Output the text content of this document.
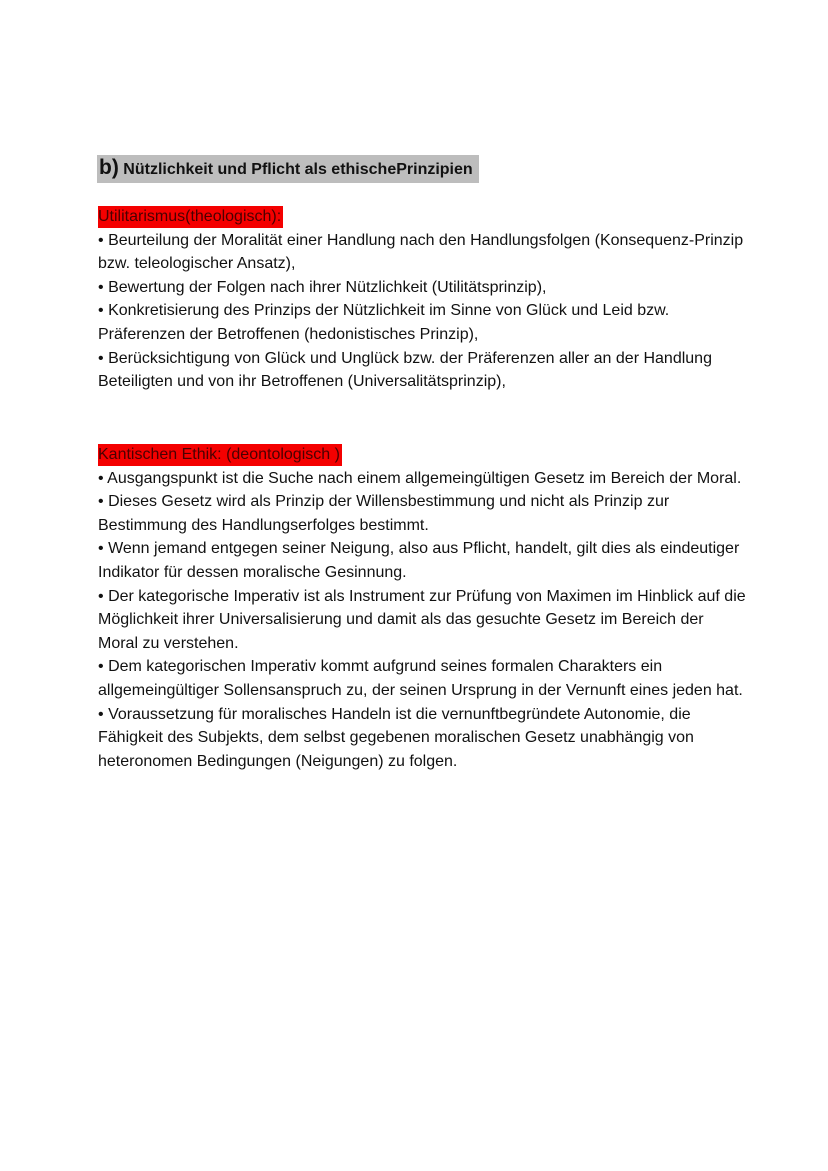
b) Nützlichkeit und Pflicht als ethischePrinzipien
Utilitarismus(theologisch):
• Beurteilung der Moralität einer Handlung nach den Handlungsfolgen (Konsequenz-Prinzip bzw. teleologischer Ansatz),
• Bewertung der Folgen nach ihrer Nützlichkeit (Utilitätsprinzip),
• Konkretisierung des Prinzips der Nützlichkeit im Sinne von Glück und Leid bzw. Präferenzen der Betroffenen (hedonistisches Prinzip),
• Berücksichtigung von Glück und Unglück bzw. der Präferenzen aller an der Handlung Beteiligten und von ihr Betroffenen (Universalitätsprinzip),
Kantischen Ethik: (deontologisch )
• Ausgangspunkt ist die Suche nach einem allgemeingültigen Gesetz im Bereich der Moral.
• Dieses Gesetz wird als Prinzip der Willensbestimmung und nicht als Prinzip zur Bestimmung des Handlungserfolges bestimmt.
• Wenn jemand entgegen seiner Neigung, also aus Pflicht, handelt, gilt dies als eindeutiger Indikator für dessen moralische Gesinnung.
• Der kategorische Imperativ ist als Instrument zur Prüfung von Maximen im Hinblick auf die Möglichkeit ihrer Universalisierung und damit als das gesuchte Gesetz im Bereich der Moral zu verstehen.
• Dem kategorischen Imperativ kommt aufgrund seines formalen Charakters ein allgemeingültiger Sollensanspruch zu, der seinen Ursprung in der Vernunft eines jeden hat.
• Voraussetzung für moralisches Handeln ist die vernunftbegründete Autonomie, die Fähigkeit des Subjekts, dem selbst gegebenen moralischen Gesetz unabhängig von heteronomen Bedingungen (Neigungen) zu folgen.
